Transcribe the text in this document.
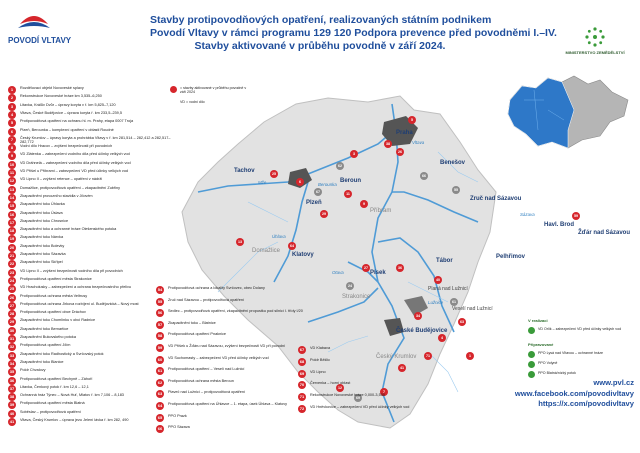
Stavby protipovodňových opatření, realizovaných státním podnikem
Povodí Vltavy v rámci programu 129 120 Podpora prevence před povodněmi I.–IV.
Stavby aktivované v průběhu povodně v září 2024.
POVODÍ VLTAVY
MINISTERSTVO ZEMĚDĚLSTVÍ
5
38
26
3
62
25
6
67	11
9
29
66
55
59
13
64
27
24
36
40
61
63
34
4
71
41
7
69
12
1
Praha
Beroun
Tachov
Plzeň
Příbram
Benešov
Zruč nad Sázavou
Havl. Brod
Žďár nad Sázavou
Domažlice
Klatovy
Písek
Tábor
Pelhřimov
Strakonice
Planá nad Lužnicí
Veselí nad Lužnicí
České Budějovice
Český Krumlov
Vltava
Sázava
Mže	Berounka
Lužnice
Otava
Úhlava
= stavby aktivované v průběhu povodně v září 2024
VD = vodní dílo
1	Rozdělovací objekt Novoveské splavy
2	Rekonstrukce Novoveské hráze km 3,535–6,250
3	Litavka, Králův Dvůr – úpravy koryta v ř. km 5,825–7,120
4	Vltava, České Budějovice – úprava koryta ř. km 233,5–239,5
5	Protipovodňová opatření na ochranu hl. m. Prahy, etapa 0007 Troja
6	Plzeň, Berounka – komplexní opatření v oblasti Roudné
7	Český Krumlov – úpravy koryta a prohrábka Vltavy v ř. km 281,514 – 282,412 a 282,517–282,772
8	Vodní dílo Hracov – zvýšení bezpečnosti při povodních
9	VD Zlátenka – zabezpečení vodního díla před účinky velkých vod
10	VD Dráhnelá – zabezpečení vodního díla před účinky velkých vod
11	VD Příšel u Příbrami – zabezpečení VD před účinky velkých vod
12	VD Lipno II – zvýšení retence – opatření v nádrži
13	Domažlice, protipovodňová opatření – zkapacitnění Zubřiny
14	Zkapacitnění provozního stavidla v Jílovém
15	Zkapacitnění toku Úhlavka
16	Zkapacitnění toku Úslava
17	Zkapacitnění toku Chrosnice
18	Zkapacitnění toku a ochranné hráze Olešenského potoka
19	Zkapacitnění toku Nárvka
20	Zkapacitnění toku Bolevky
21	Zkapacitnění toku Sázavka
22	Zkapacitnění toku Skřipel
23	VD Lipno II – zvýšení bezpečnosti vodního díla při povodních
24	Protipovodňová opatření města Strakonice
25	VD Hracholusky – zabezpečení a ochrana bezpečnostního přelivu
26	Protipovodňová ochrana města Veltrusy
27	Protipovodňová ochrana Jirkova rozbíjení ul. Budějovická – Nový most
28	Protipovodňová opatření obce Dráchov
29	Zkapacitnění toku Chomlínku v obci Radnice
30	Zkapacitnění toku Bernartice
31	Zkapacitnění Bukovského potoka
32	Protipovodňová opatření Jílím
33	Zkapacitnění toku Radhostický a Svrčovský potok
34	Zkapacitnění toku Blanice
35	Poldr Chvalovy
36	Protipovodňová opatření Bechyně – Záhoří
37	Litavka, Čenkový potok ř. km 12,6 – 12,1
38	Ochranná hráz Týnec – Nová Huť, Mlatov ř. km 7,106 – 8,183
39	Protipovodňová opatření města Blatná
40	Soběslav – protipovodňová opatření
41	Vltava, Český Krumlov – úprava jezu Jelení lávka ř. km 282, 490
54	Protipovodňová ochrana a lokality Svrčovec, obec Dolany
55	Zruč nad Sázavou – protipovodňová opatření
56	Sedlec – protipovodňová opatření, zkapacitnění propustku pod silnicí I. třídy I/20
57	Zkapacitnění toku – Blatnice
58	Protipovodňová opatření Pnaknice
59	VD Příšek u Žďáru nad Sázavou, zvýšení bezpečnosti VD při povodni
60	VD Suchomasty – zabezpečení VD před účinky velkých vod
61	Protipovodňová opatření – Veselí nad Lužnicí
62	Protipovodňová ochrana města Beroun
63	Plaveč nad Lužnicí – protipovodňová opatření
64	Protipovodňová opatření na Úhlavce – 1. etapa, úsek Úhlava – Klatovy
65	PPO Prazk
66	PPO Sázava
67	VD Klabava
68	Poldr Bělčic
69	VD Lipno
70	Červenka – horní oblast
71	Rekonstrukce Novoveské hráze 0,000-3,530
72	VD Hněvkovice – zabezpečení VD před účinky velkých vod
V realizaci
VD Orlík – zabezpečení VD před účinky velkých vod
Připravované
PPO Lysá nad Vltavou – ochranné hráze
PPO Volyně
PPO Blatná/nízký potok
www.pvl.cz
www.facebook.com/povodivltavy
https://x.com/povodivltavy
